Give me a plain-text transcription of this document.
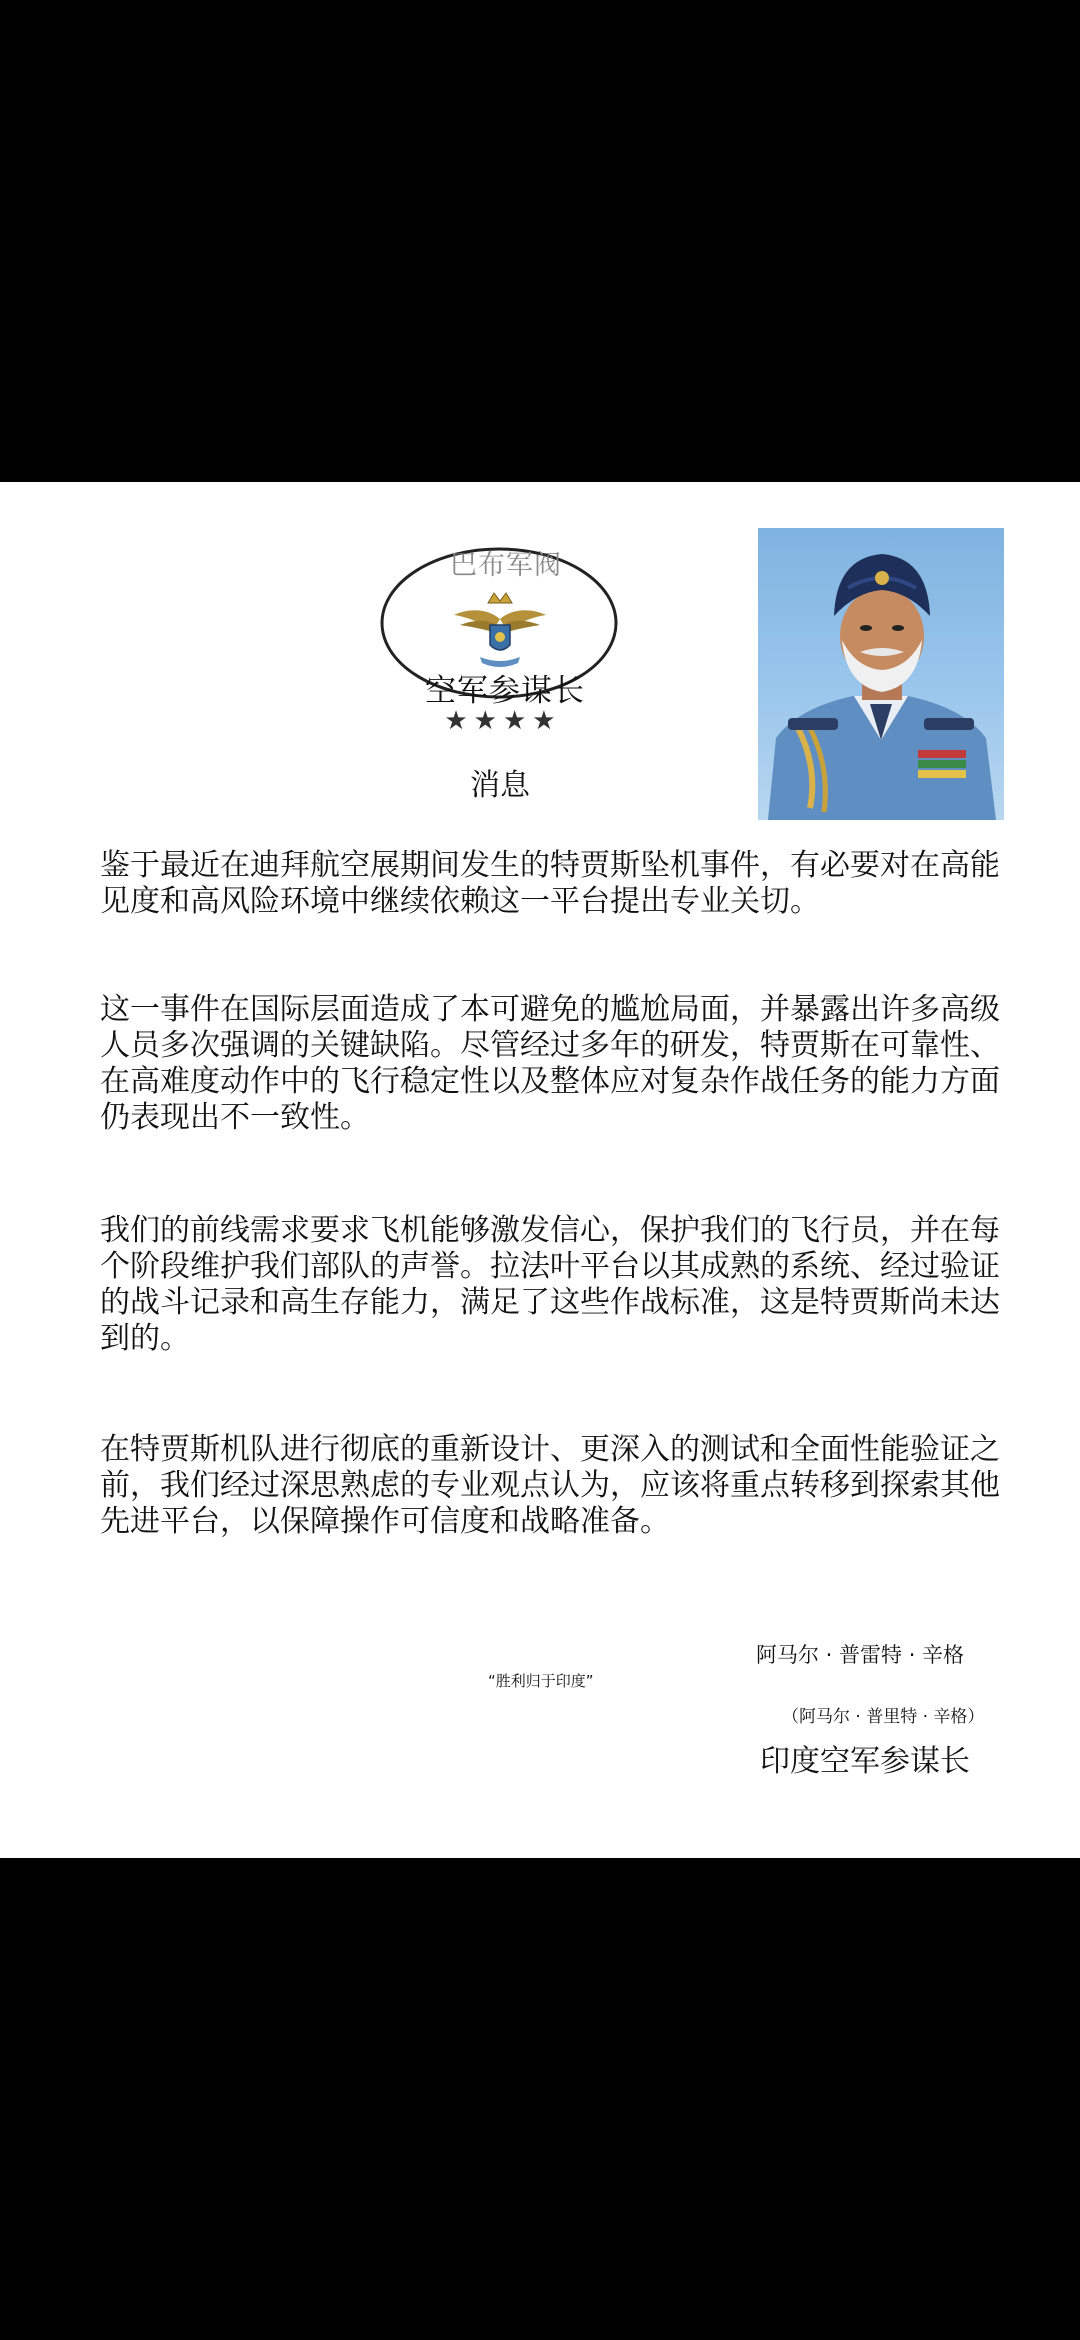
巴布军阀
空军参谋长
★★★★
消息

鉴于最近在迪拜航空展期间发生的特贾斯坠机事件，有必要对在高能见度和高风险环境中继续依赖这一平台提出专业关切。

这一事件在国际层面造成了本可避免的尴尬局面，并暴露出许多高级人员多次强调的关键缺陷。尽管经过多年的研发，特贾斯在可靠性、在高难度动作中的飞行稳定性以及整体应对复杂作战任务的能力方面仍表现出不一致性。

我们的前线需求要求飞机能够激发信心，保护我们的飞行员，并在每个阶段维护我们部队的声誉。拉法叶平台以其成熟的系统、经过验证的战斗记录和高生存能力，满足了这些作战标准，这是特贾斯尚未达到的。

在特贾斯机队进行彻底的重新设计、更深入的测试和全面性能验证之前，我们经过深思熟虑的专业观点认为，应该将重点转移到探索其他先进平台，以保障操作可信度和战略准备。

阿马尔 · 普雷特 · 辛格
“胜利归于印度”
（阿马尔 · 普里特 · 辛格）
印度空军参谋长
